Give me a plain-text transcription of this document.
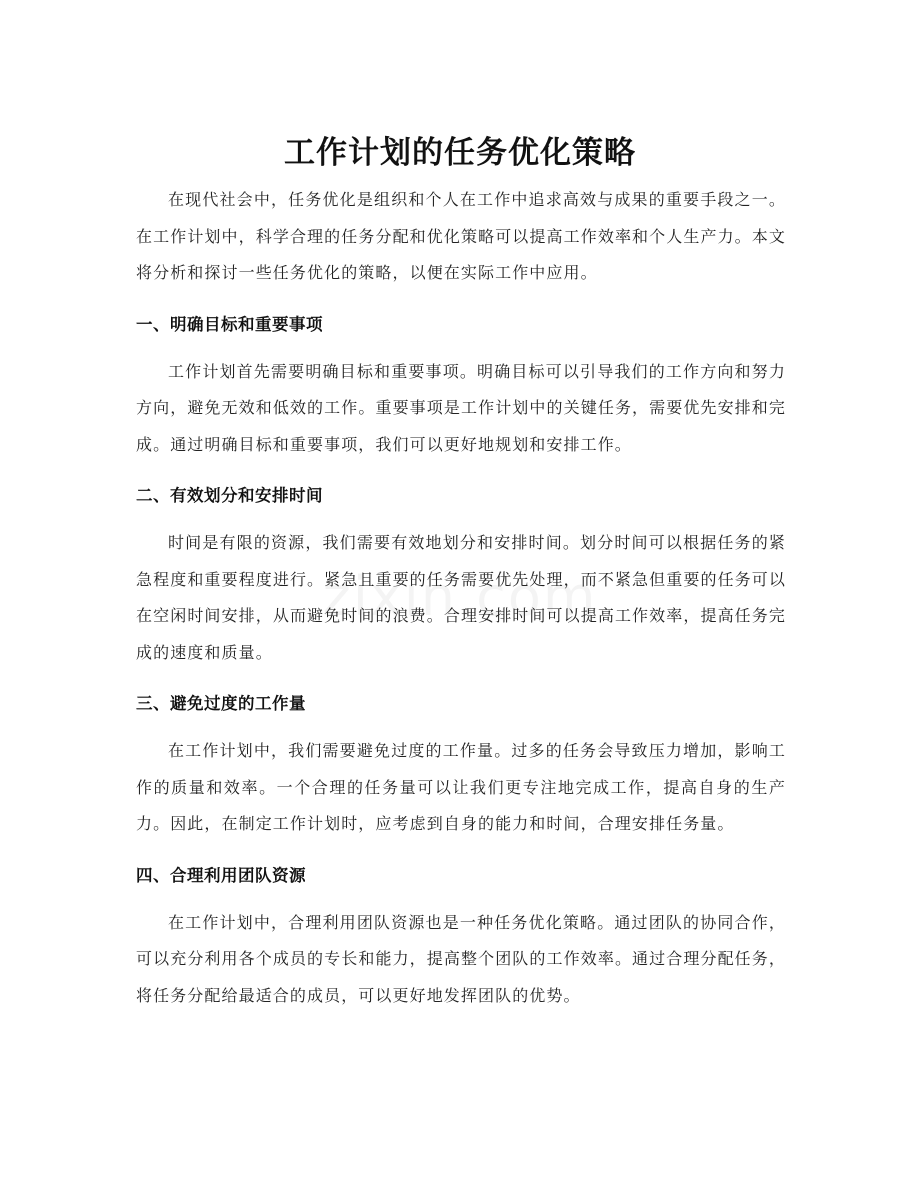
工作计划的任务优化策略

在现代社会中，任务优化是组织和个人在工作中追求高效与成果的重要手段之一。在工作计划中，科学合理的任务分配和优化策略可以提高工作效率和个人生产力。本文将分析和探讨一些任务优化的策略，以便在实际工作中应用。

一、明确目标和重要事项

工作计划首先需要明确目标和重要事项。明确目标可以引导我们的工作方向和努力方向，避免无效和低效的工作。重要事项是工作计划中的关键任务，需要优先安排和完成。通过明确目标和重要事项，我们可以更好地规划和安排工作。

二、有效划分和安排时间

时间是有限的资源，我们需要有效地划分和安排时间。划分时间可以根据任务的紧急程度和重要程度进行。紧急且重要的任务需要优先处理，而不紧急但重要的任务可以在空闲时间安排，从而避免时间的浪费。合理安排时间可以提高工作效率，提高任务完成的速度和质量。

三、避免过度的工作量

在工作计划中，我们需要避免过度的工作量。过多的任务会导致压力增加，影响工作的质量和效率。一个合理的任务量可以让我们更专注地完成工作，提高自身的生产力。因此，在制定工作计划时，应考虑到自身的能力和时间，合理安排任务量。

四、合理利用团队资源

在工作计划中，合理利用团队资源也是一种任务优化策略。通过团队的协同合作，可以充分利用各个成员的专长和能力，提高整个团队的工作效率。通过合理分配任务，将任务分配给最适合的成员，可以更好地发挥团队的优势。
